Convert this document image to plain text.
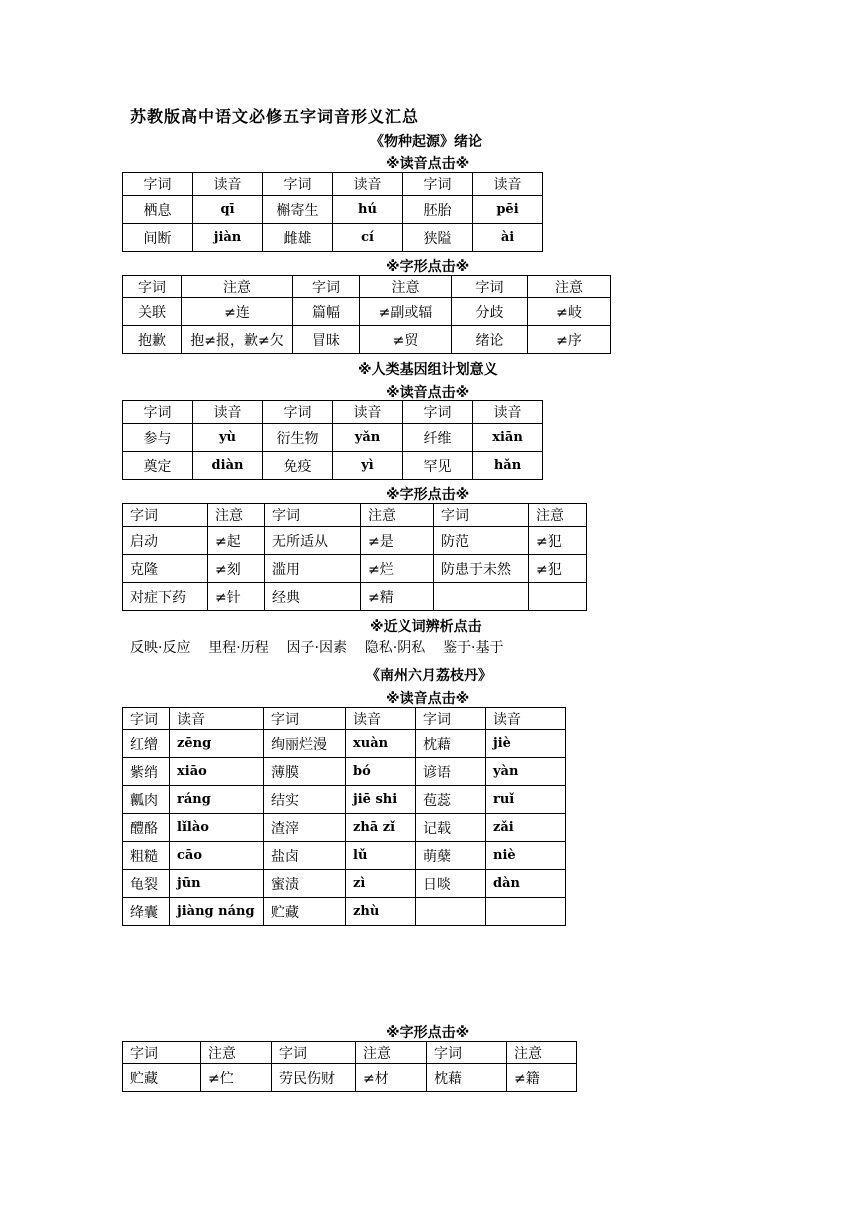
苏教版高中语文必修五字词音形义汇总
《物种起源》绪论
※读音点击※
字词	读音	字词	读音	字词	读音
栖息	qī	槲寄生	hú	胚胎	pēi
间断	jiàn	雌雄	cí	狭隘	ài
※字形点击※
字词	注意	字词	注意	字词	注意
关联	≠连	篇幅	≠副或辐	分歧	≠岐
抱歉	抱≠报，歉≠欠	冒昧	≠贸	绪论	≠序
※人类基因组计划意义
※读音点击※
字词	读音	字词	读音	字词	读音
参与	yù	衍生物	yǎn	纤维	xiān
奠定	diàn	免疫	yì	罕见	hǎn
※字形点击※
字词	注意	字词	注意	字词	注意
启动	≠起	无所适从	≠是	防范	≠犯
克隆	≠刻	滥用	≠烂	防患于未然	≠犯
对症下药	≠针	经典	≠精		
※近义词辨析点击
反映·反应 里程·历程 因子·因素 隐私·阴私 鉴于·基于
《南州六月荔枝丹》
※读音点击※
字词	读音	字词	读音	字词	读音
红缯	zēng	绚丽烂漫	xuàn	枕藉	jiè
紫绡	xiāo	薄膜	bó	谚语	yàn
瓤肉	ráng	结实	jiē shi	苞蕊	ruǐ
醴酪	lǐlào	渣滓	zhā zǐ	记载	zǎi
粗糙	cāo	盐卤	lǔ	萌蘖	niè
龟裂	jūn	蜜渍	zì	日啖	dàn
绛囊	jiàng náng	贮藏	zhù		
※字形点击※
字词	注意	字词	注意	字词	注意
贮藏	≠伫	劳民伤财	≠材	枕藉	≠籍
